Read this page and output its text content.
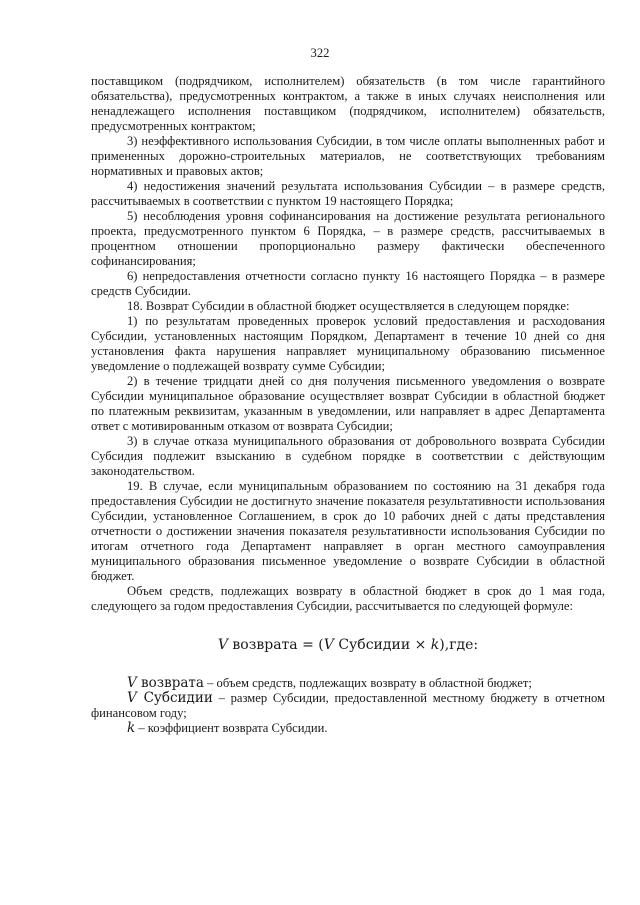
322

поставщиком (подрядчиком, исполнителем) обязательств (в том числе гарантийного обязательства), предусмотренных контрактом, а также в иных случаях неисполнения или ненадлежащего исполнения поставщиком (подрядчиком, исполнителем) обязательств, предусмотренных контрактом;

3) неэффективного использования Субсидии, в том числе оплаты выполненных работ и примененных дорожно-строительных материалов, не соответствующих требованиям нормативных и правовых актов;

4) недостижения значений результата использования Субсидии – в размере средств, рассчитываемых в соответствии с пунктом 19 настоящего Порядка;

5) несоблюдения уровня софинансирования на достижение результата регионального проекта, предусмотренного пунктом 6 Порядка, – в размере средств, рассчитываемых в процентном отношении пропорционально размеру фактически обеспеченного софинансирования;

6) непредоставления отчетности согласно пункту 16 настоящего Порядка – в размере средств Субсидии.

18. Возврат Субсидии в областной бюджет осуществляется в следующем порядке:

1) по результатам проведенных проверок условий предоставления и расходования Субсидии, установленных настоящим Порядком, Департамент в течение 10 дней со дня установления факта нарушения направляет муниципальному образованию письменное уведомление о подлежащей возврату сумме Субсидии;

2) в течение тридцати дней со дня получения письменного уведомления о возврате Субсидии муниципальное образование осуществляет возврат Субсидии в областной бюджет по платежным реквизитам, указанным в уведомлении, или направляет в адрес Департамента ответ с мотивированным отказом от возврата Субсидии;

3) в случае отказа муниципального образования от добровольного возврата Субсидии Субсидия подлежит взысканию в судебном порядке в соответствии с действующим законодательством.

19. В случае, если муниципальным образованием по состоянию на 31 декабря года предоставления Субсидии не достигнуто значение показателя результативности использования Субсидии, установленное Соглашением, в срок до 10 рабочих дней с даты представления отчетности о достижении значения показателя результативности использования Субсидии по итогам отчетного года Департамент направляет в орган местного самоуправления муниципального образования письменное уведомление о возврате Субсидии в областной бюджет.

Объем средств, подлежащих возврату в областной бюджет в срок до 1 мая года, следующего за годом предоставления Субсидии, рассчитывается по следующей формуле:

V возврата = (V Субсидии × k),где:

V возврата – объем средств, подлежащих возврату в областной бюджет;

V Субсидии – размер Субсидии, предоставленной местному бюджету в отчетном финансовом году;

k – коэффициент возврата Субсидии.
